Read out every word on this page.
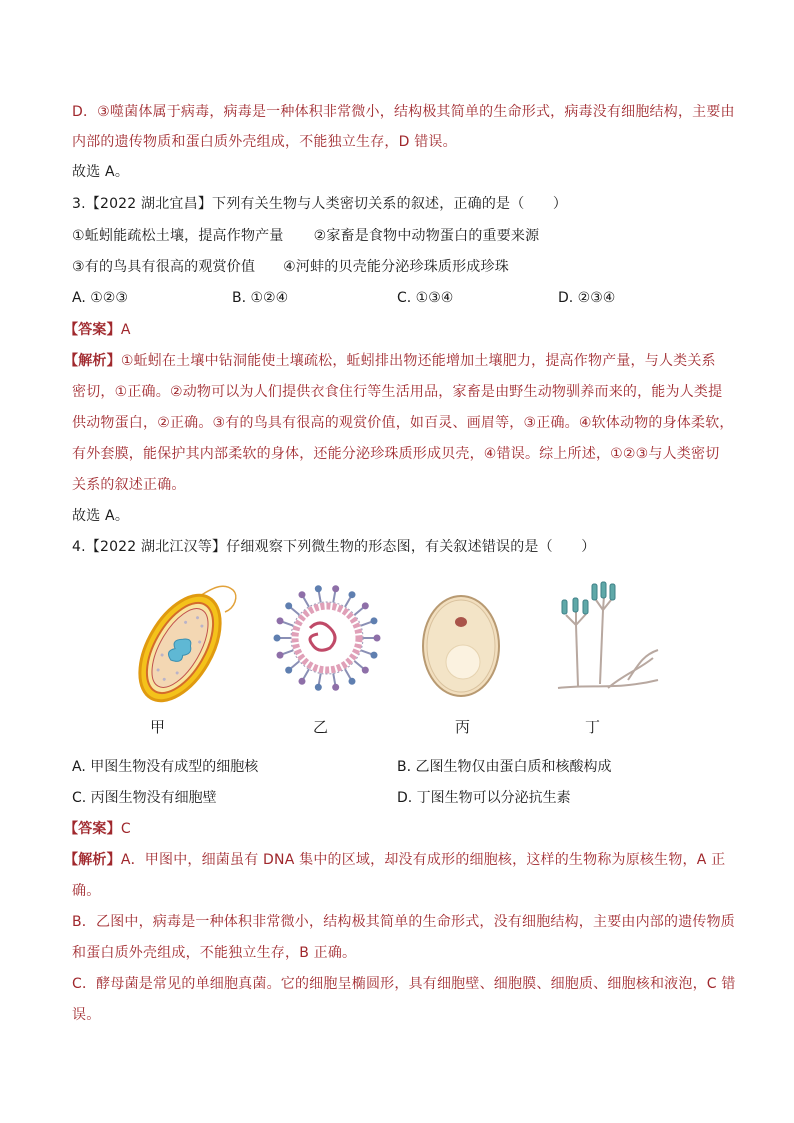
D．③噬菌体属于病毒，病毒是一种体积非常微小，结构极其简单的生命形式，病毒没有细胞结构，主要由
内部的遗传物质和蛋白质外壳组成，不能独立生存，D 错误。
故选 A。
3.【2022 湖北宜昌】下列有关生物与人类密切关系的叙述，正确的是（　　）
①蚯蚓能疏松土壤，提高作物产量 ②家畜是食物中动物蛋白的重要来源
③有的鸟具有很高的观赏价值 ④河蚌的贝壳能分泌珍珠质形成珍珠
A. ①②③	B. ①②④	C. ①③④	D. ②③④
【答案】A
【解析】①蚯蚓在土壤中钻洞能使土壤疏松，蚯蚓排出物还能增加土壤肥力，提高作物产量，与人类关系
密切，①正确。②动物可以为人们提供衣食住行等生活用品，家畜是由野生动物驯养而来的，能为人类提
供动物蛋白，②正确。③有的鸟具有很高的观赏价值，如百灵、画眉等，③正确。④软体动物的身体柔软，
有外套膜，能保护其内部柔软的身体，还能分泌珍珠质形成贝壳，④错误。综上所述，①②③与人类密切
关系的叙述正确。
故选 A。
4.【2022 湖北江汉等】仔细观察下列微生物的形态图，有关叙述错误的是（　　）
甲	乙	丙	丁
A. 甲图生物没有成型的细胞核	B. 乙图生物仅由蛋白质和核酸构成
C. 丙图生物没有细胞壁	D. 丁图生物可以分泌抗生素
【答案】C
【解析】A．甲图中，细菌虽有 DNA 集中的区域，却没有成形的细胞核，这样的生物称为原核生物，A 正
确。
B．乙图中，病毒是一种体积非常微小，结构极其简单的生命形式，没有细胞结构，主要由内部的遗传物质
和蛋白质外壳组成，不能独立生存，B 正确。
C．酵母菌是常见的单细胞真菌。它的细胞呈椭圆形，具有细胞壁、细胞膜、细胞质、细胞核和液泡，C 错
误。
